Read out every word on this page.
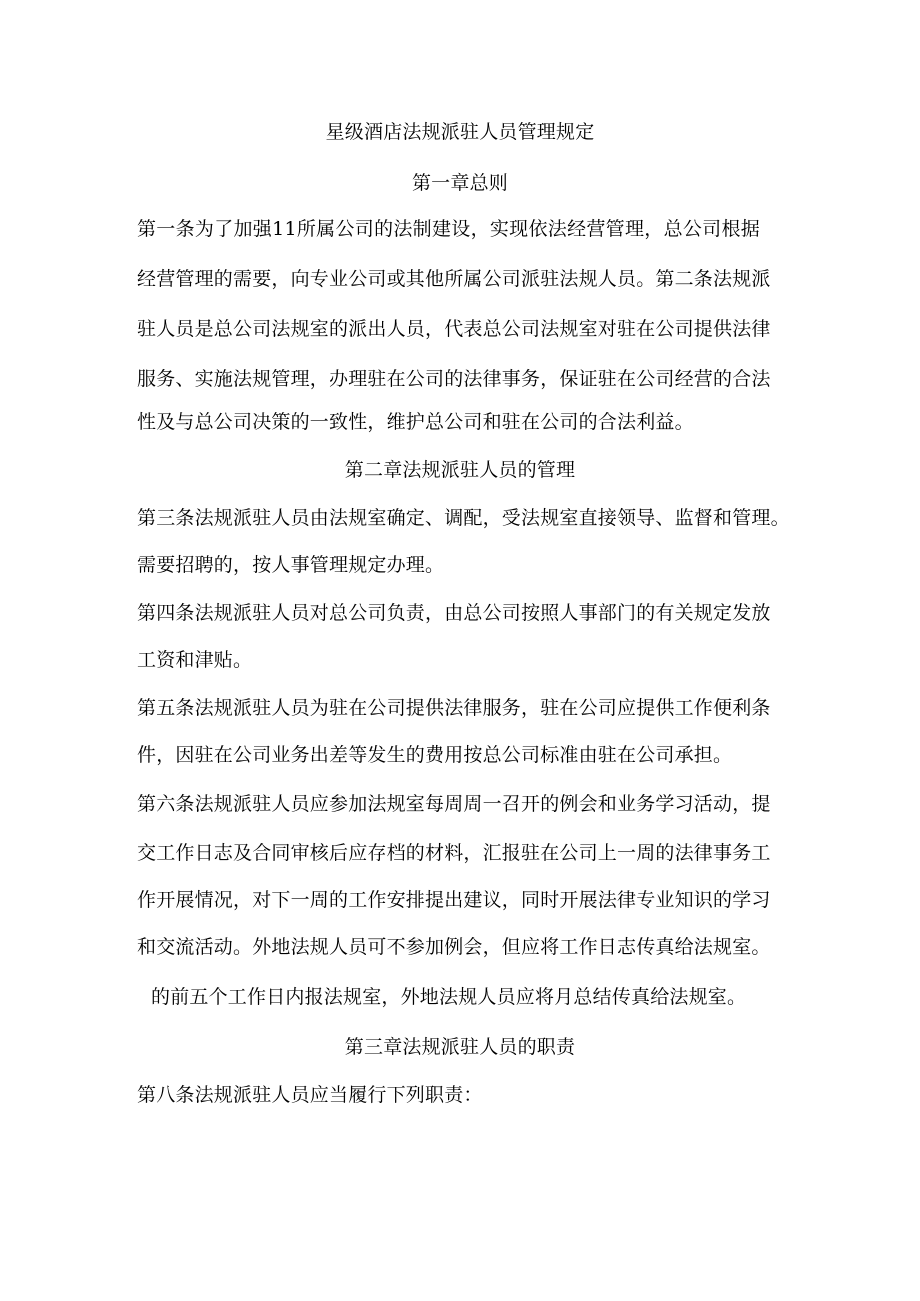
星级酒店法规派驻人员管理规定
第一章总则
第一条为了加强11所属公司的法制建设，实现依法经营管理，总公司根据
经营管理的需要，向专业公司或其他所属公司派驻法规人员。第二条法规派
驻人员是总公司法规室的派出人员，代表总公司法规室对驻在公司提供法律
服务、实施法规管理，办理驻在公司的法律事务，保证驻在公司经营的合法
性及与总公司决策的一致性，维护总公司和驻在公司的合法利益。
第二章法规派驻人员的管理
第三条法规派驻人员由法规室确定、调配，受法规室直接领导、监督和管理。
需要招聘的，按人事管理规定办理。
第四条法规派驻人员对总公司负责，由总公司按照人事部门的有关规定发放
工资和津贴。
第五条法规派驻人员为驻在公司提供法律服务，驻在公司应提供工作便利条
件，因驻在公司业务出差等发生的费用按总公司标准由驻在公司承担。
第六条法规派驻人员应参加法规室每周周一召开的例会和业务学习活动，提
交工作日志及合同审核后应存档的材料，汇报驻在公司上一周的法律事务工
作开展情况，对下一周的工作安排提出建议，同时开展法律专业知识的学习
和交流活动。外地法规人员可不参加例会，但应将工作日志传真给法规室。
的前五个工作日内报法规室，外地法规人员应将月总结传真给法规室。
第三章法规派驻人员的职责
第八条法规派驻人员应当履行下列职责：
